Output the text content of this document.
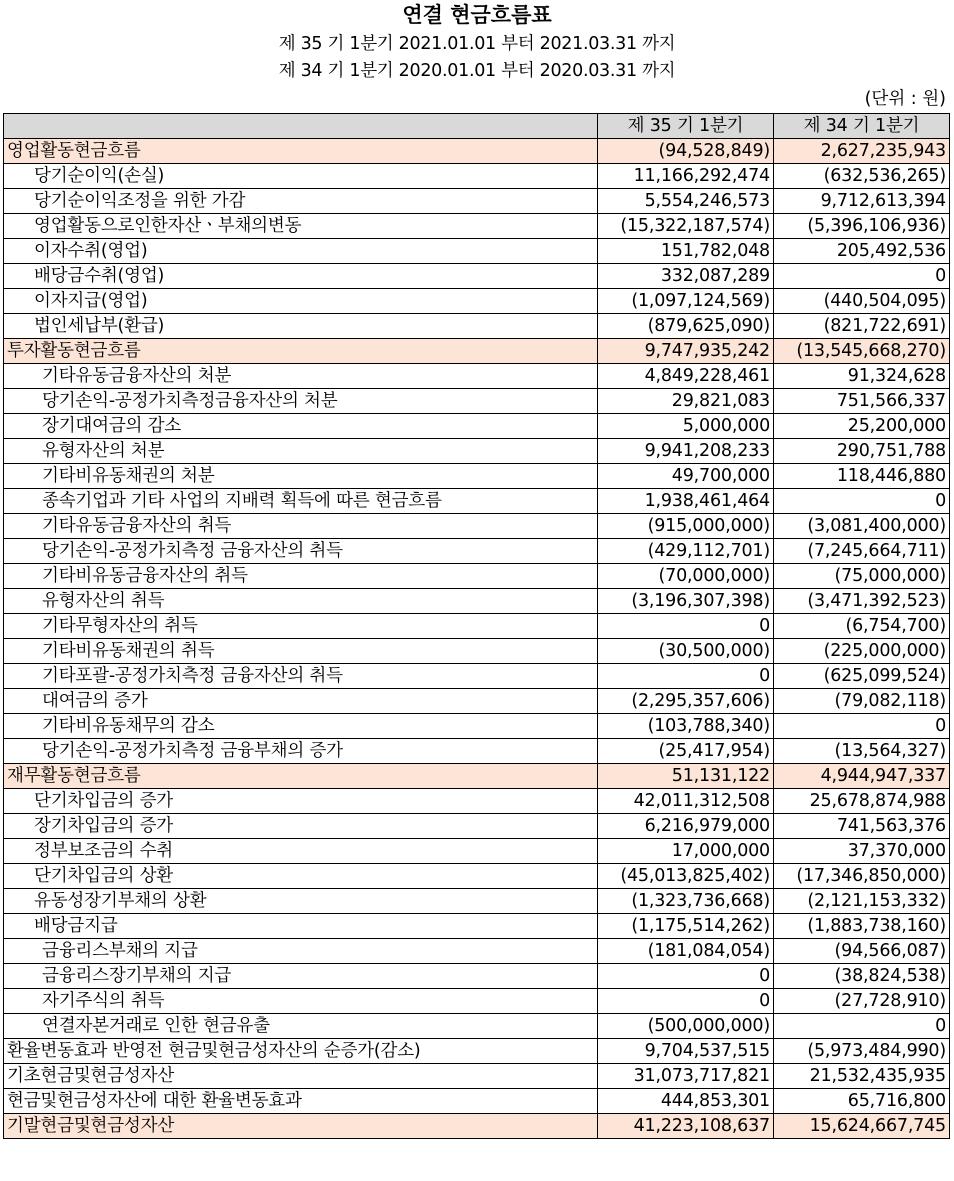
연결 현금흐름표
제 35 기 1분기 2021.01.01 부터 2021.03.31 까지
제 34 기 1분기 2020.01.01 부터 2020.03.31 까지
(단위 : 원)
	제 35 기 1분기	제 34 기 1분기
영업활동현금흐름	(94,528,849)	2,627,235,943
당기순이익(손실)	11,166,292,474	(632,536,265)
당기순이익조정을 위한 가감	5,554,246,573	9,712,613,394
영업활동으로인한자산ㆍ부채의변동	(15,322,187,574)	(5,396,106,936)
이자수취(영업)	151,782,048	205,492,536
배당금수취(영업)	332,087,289	0
이자지급(영업)	(1,097,124,569)	(440,504,095)
법인세납부(환급)	(879,625,090)	(821,722,691)
투자활동현금흐름	9,747,935,242	(13,545,668,270)
기타유동금융자산의 처분	4,849,228,461	91,324,628
당기손익-공정가치측정금융자산의 처분	29,821,083	751,566,337
장기대여금의 감소	5,000,000	25,200,000
유형자산의 처분	9,941,208,233	290,751,788
기타비유동채권의 처분	49,700,000	118,446,880
종속기업과 기타 사업의 지배력 획득에 따른 현금흐름	1,938,461,464	0
기타유동금융자산의 취득	(915,000,000)	(3,081,400,000)
당기손익-공정가치측정 금융자산의 취득	(429,112,701)	(7,245,664,711)
기타비유동금융자산의 취득	(70,000,000)	(75,000,000)
유형자산의 취득	(3,196,307,398)	(3,471,392,523)
기타무형자산의 취득	0	(6,754,700)
기타비유동채권의 취득	(30,500,000)	(225,000,000)
기타포괄-공정가치측정 금융자산의 취득	0	(625,099,524)
대여금의 증가	(2,295,357,606)	(79,082,118)
기타비유동채무의 감소	(103,788,340)	0
당기손익-공정가치측정 금융부채의 증가	(25,417,954)	(13,564,327)
재무활동현금흐름	51,131,122	4,944,947,337
단기차입금의 증가	42,011,312,508	25,678,874,988
장기차입금의 증가	6,216,979,000	741,563,376
정부보조금의 수취	17,000,000	37,370,000
단기차입금의 상환	(45,013,825,402)	(17,346,850,000)
유동성장기부채의 상환	(1,323,736,668)	(2,121,153,332)
배당금지급	(1,175,514,262)	(1,883,738,160)
금융리스부채의 지급	(181,084,054)	(94,566,087)
금융리스장기부채의 지급	0	(38,824,538)
자기주식의 취득	0	(27,728,910)
연결자본거래로 인한 현금유출	(500,000,000)	0
환율변동효과 반영전 현금및현금성자산의 순증가(감소)	9,704,537,515	(5,973,484,990)
기초현금및현금성자산	31,073,717,821	21,532,435,935
현금및현금성자산에 대한 환율변동효과	444,853,301	65,716,800
기말현금및현금성자산	41,223,108,637	15,624,667,745
